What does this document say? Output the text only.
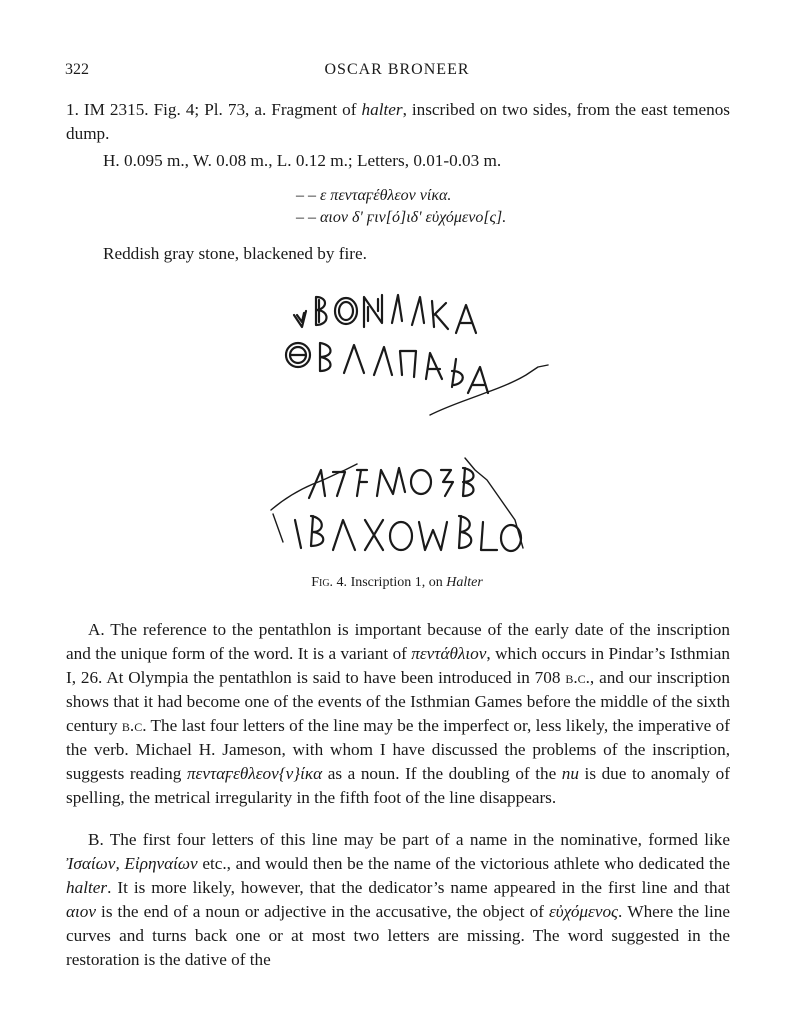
322	OSCAR BRONEER
1. IM 2315. Fig. 4; Pl. 73, a. Fragment of halter, inscribed on two sides, from the east temenos dump.
H. 0.095 m., W. 0.08 m., L. 0.12 m.; Letters, 0.01-0.03 m.
– – ε πενταϝέθλεον νίκα.
– – αιον δ' ϝιν[ό]ιδ' εὐχόμενο[ς].
Reddish gray stone, blackened by fire.
Fig. 4. Inscription 1, on Halter

A. The reference to the pentathlon is important because of the early date of the inscription and the unique form of the word. It is a variant of πεντάθλιον, which occurs in Pindar’s Isthmian I, 26. At Olympia the pentathlon is said to have been introduced in 708 b.c., and our inscription shows that it had become one of the events of the Isthmian Games before the middle of the sixth century b.c. The last four letters of the line may be the imperfect or, less likely, the imperative of the verb. Michael H. Jameson, with whom I have discussed the problems of the inscription, suggests reading πενταϝεθλεον{ν}ίκα as a noun. If the doubling of the nu is due to anomaly of spelling, the metrical irregularity in the fifth foot of the line disappears.

B. The first four letters of this line may be part of a name in the nominative, formed like Ἰσαίων, Εἰρηναίων etc., and would then be the name of the victorious athlete who dedicated the halter. It is more likely, however, that the dedicator’s name appeared in the first line and that αιον is the end of a noun or adjective in the accusative, the object of εὐχόμενος. Where the line curves and turns back one or at most two letters are missing. The word suggested in the restoration is the dative of the
